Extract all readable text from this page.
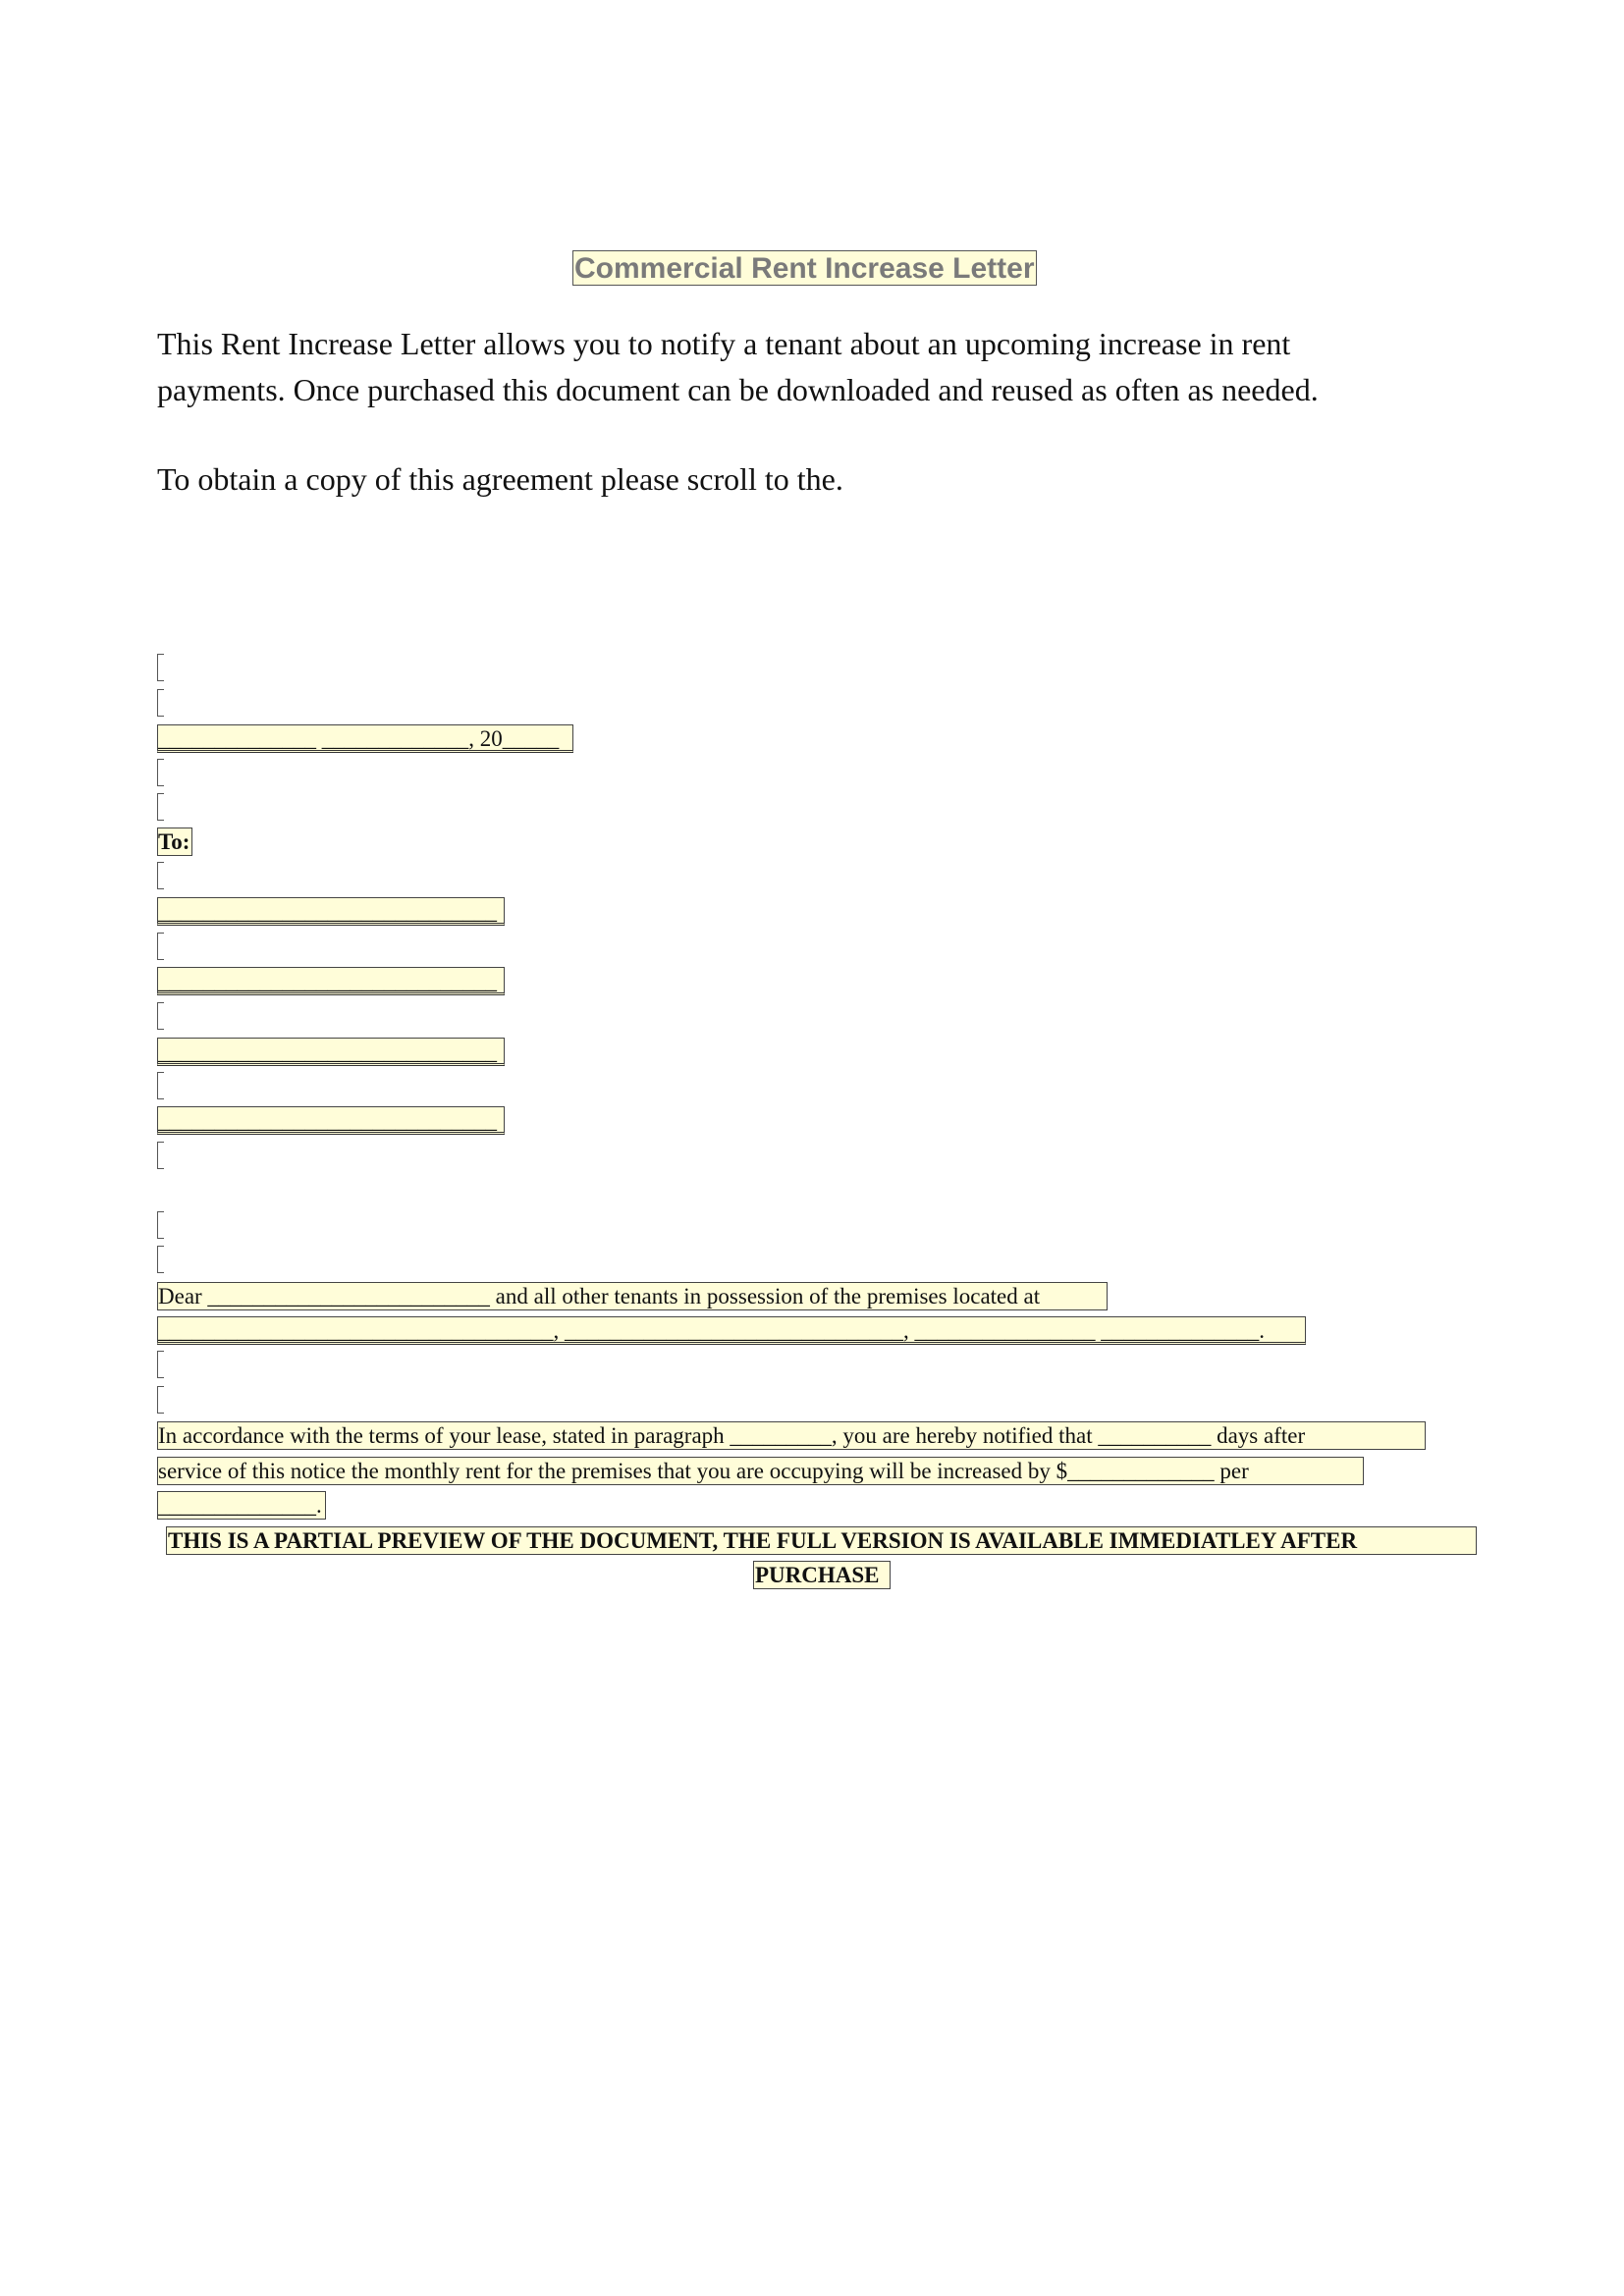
Commercial Rent Increase Letter
This Rent Increase Letter allows you to notify a tenant about an upcoming increase in rent
payments. Once purchased this document can be downloaded and reused as often as needed.
To obtain a copy of this agreement please scroll to the.
______________ _____________, 20_____
To:
______________________________
______________________________
______________________________
______________________________
Dear _________________________ and all other tenants in possession of the premises located at
___________________________________, ______________________________, ________________ ______________.
In accordance with the terms of your lease, stated in paragraph _________, you are hereby notified that __________ days after
service of this notice the monthly rent for the premises that you are occupying will be increased by $_____________ per
______________.
THIS IS A PARTIAL PREVIEW OF THE DOCUMENT, THE FULL VERSION IS AVAILABLE IMMEDIATLEY AFTER
PURCHASE
